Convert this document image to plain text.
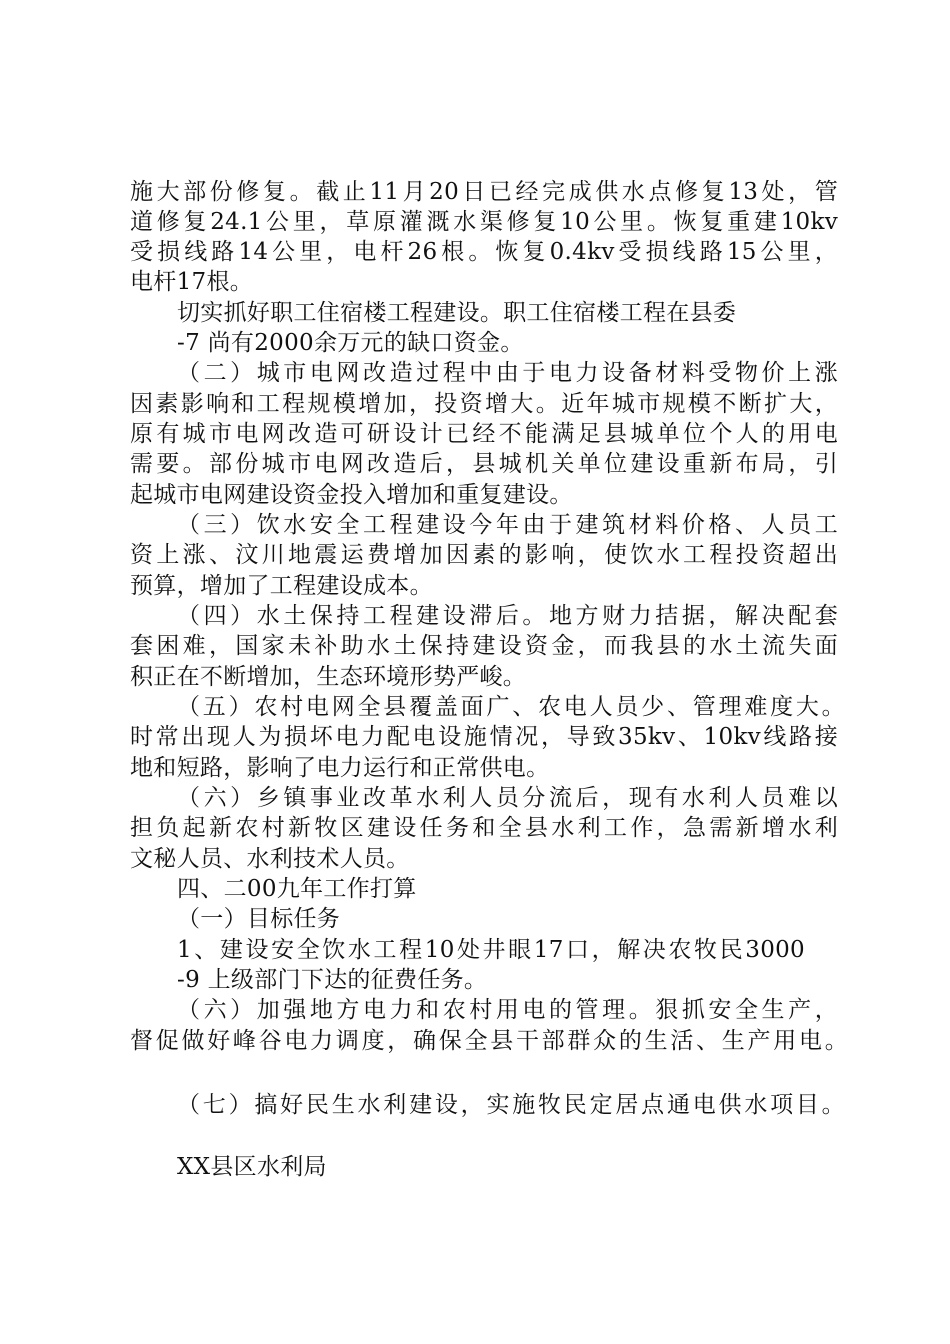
施大部份修复。截止11月20日已经完成供水点修复13处，管
道修复24.1公里，草原灌溉水渠修复10公里。恢复重建10kv
受损线路14公里，电杆26根。恢复0.4kv受损线路15公里，
电杆17根。
切实抓好职工住宿楼工程建设。职工住宿楼工程在县委
-7 尚有2000余万元的缺口资金。
（二）城市电网改造过程中由于电力设备材料受物价上涨
因素影响和工程规模增加，投资增大。近年城市规模不断扩大，
原有城市电网改造可研设计已经不能满足县城单位个人的用电
需要。部份城市电网改造后，县城机关单位建设重新布局，引
起城市电网建设资金投入增加和重复建设。
（三）饮水安全工程建设今年由于建筑材料价格、人员工
资上涨、汶川地震运费增加因素的影响，使饮水工程投资超出
预算，增加了工程建设成本。
（四）水土保持工程建设滞后。地方财力拮据，解决配套
套困难，国家未补助水土保持建设资金，而我县的水土流失面
积正在不断增加，生态环境形势严峻。
（五）农村电网全县覆盖面广、农电人员少、管理难度大。
时常出现人为损坏电力配电设施情况，导致35kv、10kv线路接
地和短路，影响了电力运行和正常供电。
（六）乡镇事业改革水利人员分流后，现有水利人员难以
担负起新农村新牧区建设任务和全县水利工作，急需新增水利
文秘人员、水利技术人员。
四、二00九年工作打算
（一）目标任务
1、建设安全饮水工程10处井眼17口，解决农牧民3000
-9 上级部门下达的征费任务。
（六）加强地方电力和农村用电的管理。狠抓安全生产，
督促做好峰谷电力调度，确保全县干部群众的生活、生产用电。
（七）搞好民生水利建设，实施牧民定居点通电供水项目。
XX县区水利局
